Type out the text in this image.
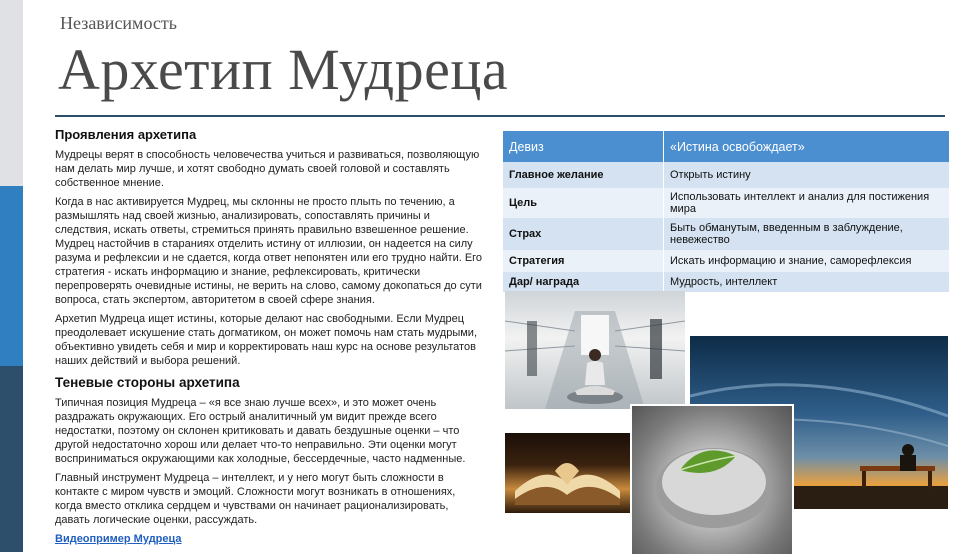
Независимость
Архетип Мудреца
Проявления архетипа

Мудрецы верят в способность человечества учиться и развиваться, позволяющую нам делать мир лучше, и хотят свободно думать своей головой и составлять собственное мнение.

Когда в нас активируется Мудрец, мы склонны не просто плыть по течению, а размышлять над своей жизнью, анализировать, сопоставлять причины и следствия, искать ответы, стремиться принять правильно взвешенное решение. Мудрец настойчив в стараниях отделить истину от иллюзии, он надеется на силу разума и рефлексии и не сдается, когда ответ непонятен или его трудно найти. Его стратегия - искать информацию и знание, рефлексировать, критически перепроверять очевидные истины, не верить на слово, самому докопаться до сути вопроса, стать экспертом, авторитетом в своей сфере знания.

Архетип Мудреца ищет истины, которые делают нас свободными. Если Мудрец преодолевает искушение стать догматиком, он может помочь нам стать мудрыми, объективно увидеть себя и мир и корректировать наш курс на основе результатов наших действий и выбора решений.

Теневые стороны архетипа

Типичная позиция Мудреца – «я все знаю лучше всех», и это может очень раздражать окружающих. Его острый аналитичный ум видит прежде всего недостатки, поэтому он склонен критиковать и давать бездушные оценки – что другой недостаточно хорош или делает что-то неправильно. Эти оценки могут восприниматься окружающими как холодные, бессердечные, часто надменные.

Главный инструмент Мудреца – интеллект, и у него могут быть сложности в контакте с миром чувств и эмоций. Сложности могут возникать в отношениях, когда вместо отклика сердцем и чувствами он начинает рационализировать, давать логические оценки, рассуждать.

Видеопример Мудреца
Девиз	«Истина освобождает»
Главное желание	Открыть истину
Цель	Использовать интеллект и анализ для постижения мира
Страх	Быть обманутым, введенным в заблуждение, невежество
Стратегия	Искать информацию и знание, саморефлексия
Дар/ награда	Мудрость, интеллект
